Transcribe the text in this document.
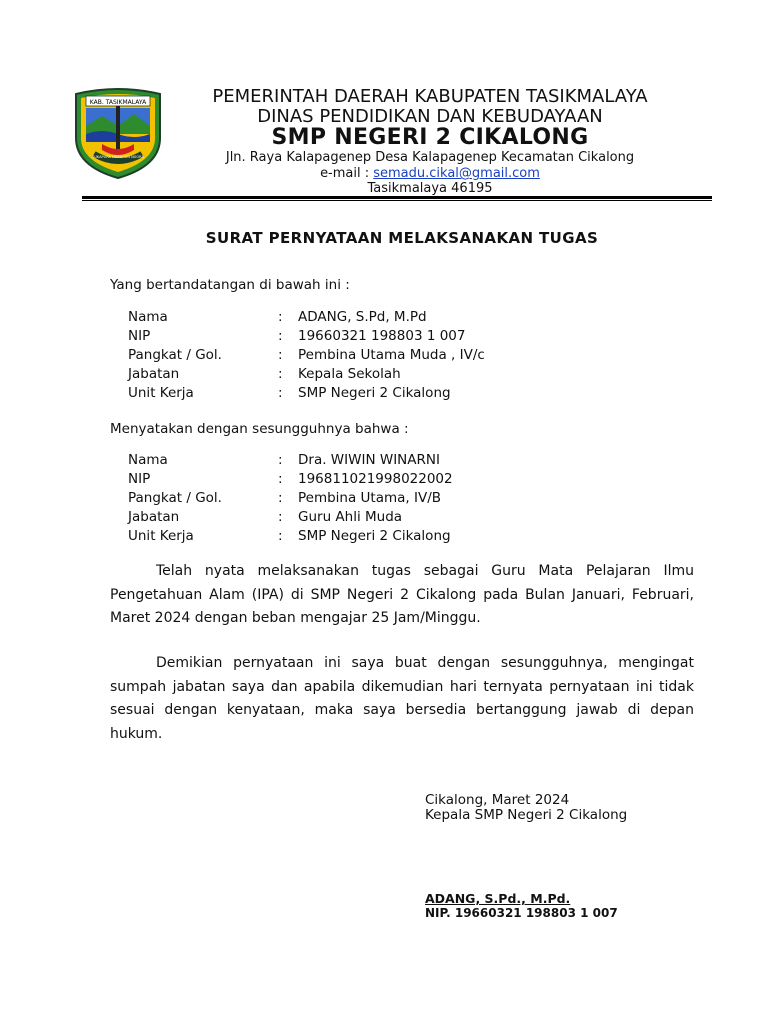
KAB. TASIKMALAYA
SUKAPURA NGADAUN NGORA
PEMERINTAH DAERAH KABUPATEN TASIKMALAYA
DINAS PENDIDIKAN DAN KEBUDAYAAN
SMP NEGERI 2 CIKALONG
Jln. Raya Kalapagenep Desa Kalapagenep Kecamatan Cikalong
e-mail : semadu.cikal@gmail.com
Tasikmalaya 46195
SURAT PERNYATAAN MELAKSANAKAN TUGAS
Yang bertandatangan di bawah ini :
Nama	: ADANG, S.Pd, M.Pd
NIP	: 19660321 198803 1 007
Pangkat / Gol.	: Pembina Utama Muda , IV/c
Jabatan	: Kepala Sekolah
Unit Kerja	: SMP Negeri 2 Cikalong
Menyatakan dengan sesungguhnya bahwa :
Nama	: Dra. WIWIN WINARNI
NIP	: 196811021998022002
Pangkat / Gol.	: Pembina Utama, IV/B
Jabatan	: Guru Ahli Muda
Unit Kerja	: SMP Negeri 2 Cikalong
Telah nyata melaksanakan tugas sebagai Guru Mata Pelajaran Ilmu Pengetahuan Alam (IPA) di SMP Negeri 2 Cikalong pada Bulan Januari, Februari, Maret 2024 dengan beban mengajar 25 Jam/Minggu.
Demikian pernyataan ini saya buat dengan sesungguhnya, mengingat sumpah jabatan saya dan apabila dikemudian hari ternyata pernyataan ini tidak sesuai dengan kenyataan, maka saya bersedia bertanggung jawab di depan hukum.
Cikalong, Maret 2024
Kepala SMP Negeri 2 Cikalong
ADANG, S.Pd., M.Pd.
NIP. 19660321 198803 1 007
